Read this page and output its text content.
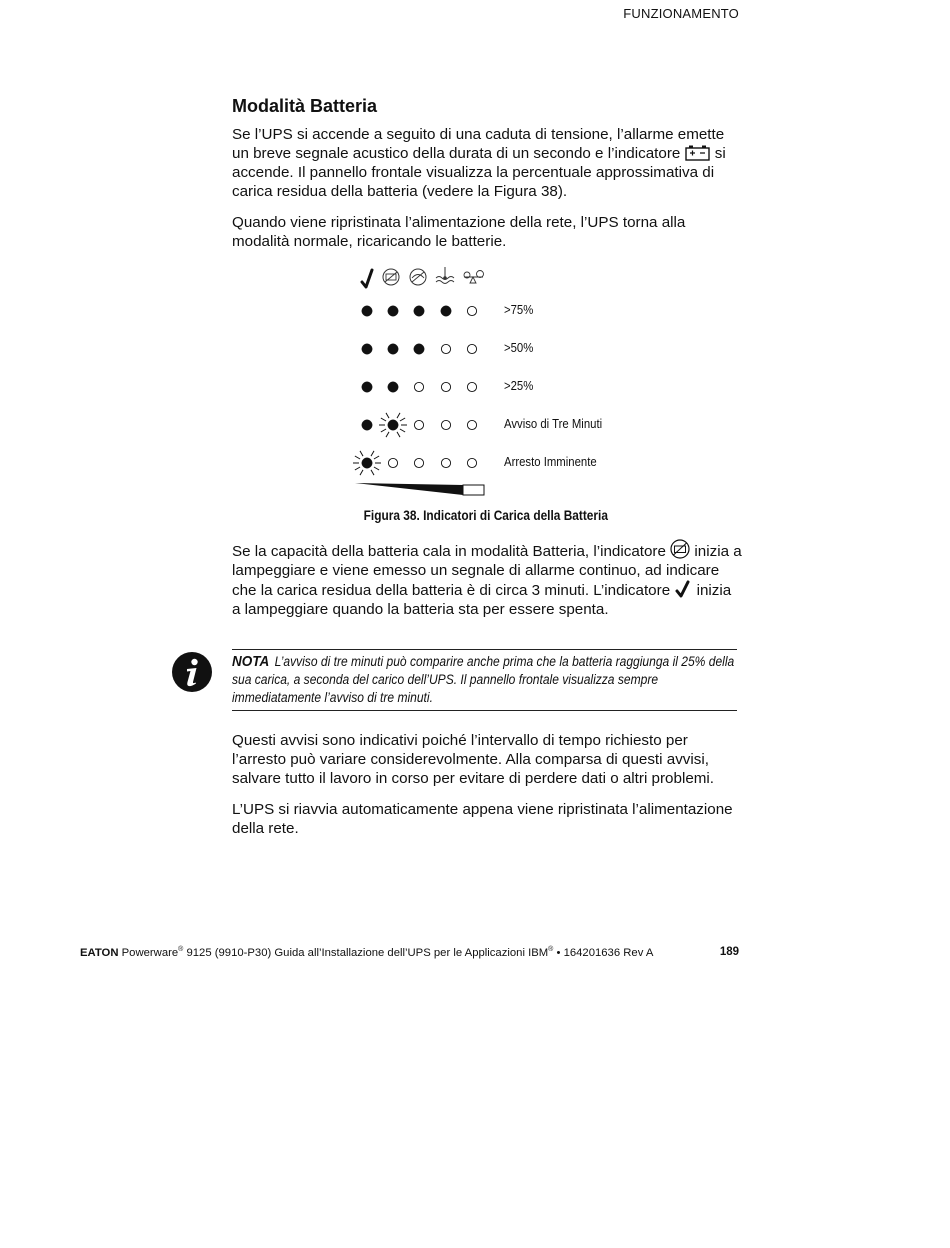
FUNZIONAMENTO
Modalità Batteria

Se l’UPS si accende a seguito di una caduta di tensione, l’allarme emette un breve segnale acustico della durata di un secondo e l’indicatore si accende. Il pannello frontale visualizza la percentuale approssimativa di carica residua della batteria (vedere la Figura 38).

Quando viene ripristinata l’alimentazione della rete, l’UPS torna alla modalità normale, ricaricando le batterie.

>75%
>50%
>25%
Avviso di Tre Minuti
Arresto Imminente
Figura 38. Indicatori di Carica della Batteria

Se la capacità della batteria cala in modalità Batteria, l’indicatore inizia a lampeggiare e viene emesso un segnale di allarme continuo, ad indicare che la carica residua della batteria è di circa 3 minuti. L’indicatore inizia a lampeggiare quando la batteria sta per essere spenta.

NOTA L’avviso di tre minuti può comparire anche prima che la batteria raggiunga il 25% della sua carica, a seconda del carico dell’UPS. Il pannello frontale visualizza sempre immediatamente l’avviso di tre minuti.

Questi avvisi sono indicativi poiché l’intervallo di tempo richiesto per l’arresto può variare considerevolmente. Alla comparsa di questi avvisi, salvare tutto il lavoro in corso per evitare di perdere dati o altri problemi.

L’UPS si riavvia automaticamente appena viene ripristinata l’alimentazione della rete.

EATON Powerware® 9125 (9910-P30) Guida all’Installazione dell’UPS per le Applicazioni IBM® • 164201636 Rev A	189
